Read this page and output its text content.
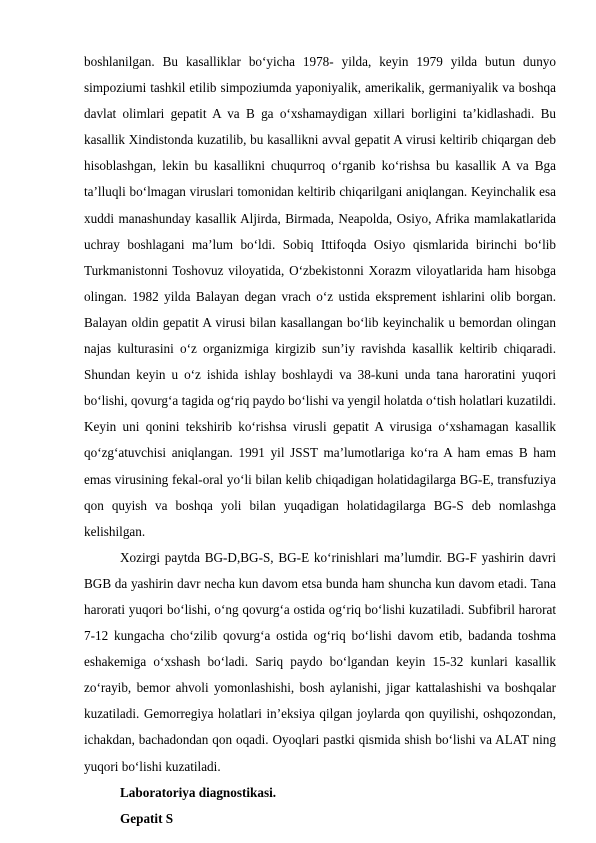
boshlanilgan. Bu kasalliklar bo‘yicha 1978- yilda, keyin 1979 yilda butun dunyo simpoziumi tashkil etilib simpoziumda yaponiyalik, amerikalik, germaniyalik va boshqa davlat olimlari gepatit A va B ga o‘xshamaydigan xillari borligini ta’kidlashadi. Bu kasallik Xindistonda kuzatilib, bu kasallikni avval gepatit A virusi keltirib chiqargan deb hisoblashgan, lekin bu kasallikni chuqurroq o‘rganib ko‘rishsa bu kasallik A va Bga ta’lluqli bo‘lmagan viruslari tomonidan keltirib chiqarilgani aniqlangan. Keyinchalik esa xuddi manashunday kasallik Aljirda, Birmada, Neapolda, Osiyo, Afrika mamlakatlarida uchray boshlagani ma’lum bo‘ldi. Sobiq Ittifoqda Osiyo qismlarida birinchi bo‘lib Turkmanistonni Toshovuz viloyatida, O‘zbekistonni Xorazm viloyatlarida ham hisobga olingan. 1982 yilda Balayan degan vrach o‘z ustida eksprement ishlarini olib borgan. Balayan oldin gepatit A virusi bilan kasallangan bo‘lib keyinchalik u bemordan olingan najas kulturasini o‘z organizmiga kirgizib sun’iy ravishda kasallik keltirib chiqaradi. Shundan keyin u o‘z ishida ishlay boshlaydi va 38-kuni unda tana haroratini yuqori bo‘lishi, qovurg‘a tagida og‘riq paydo bo‘lishi va yengil holatda o‘tish holatlari kuzatildi. Keyin uni qonini tekshirib ko‘rishsa virusli gepatit A virusiga o‘xshamagan kasallik qo‘zg‘atuvchisi aniqlangan. 1991 yil JSST ma’lumotlariga ko‘ra A ham emas B ham emas virusining fekal-oral yo‘li bilan kelib chiqadigan holatidagilarga BG-E, transfuziya qon quyish va boshqa yoli bilan yuqadigan holatidagilarga BG-S deb nomlashga kelishilgan.

Xozirgi paytda BG-D,BG-S, BG-E ko‘rinishlari ma’lumdir. BG-F yashirin davri BGB da yashirin davr necha kun davom etsa bunda ham shuncha kun davom etadi. Tana harorati yuqori bo‘lishi, o‘ng qovurg‘a ostida og‘riq bo‘lishi kuzatiladi. Subfibril harorat 7-12 kungacha cho‘zilib qovurg‘a ostida og‘riq bo‘lishi davom etib, badanda toshma eshakemiga o‘xshash bo‘ladi. Sariq paydo bo‘lgandan keyin 15-32 kunlari kasallik zo‘rayib, bemor ahvoli yomonlashishi, bosh aylanishi, jigar kattalashishi va boshqalar kuzatiladi. Gemorregiya holatlari in’eksiya qilgan joylarda qon quyilishi, oshqozondan, ichakdan, bachadondan qon oqadi. Oyoqlari pastki qismida shish bo‘lishi va ALAT ning yuqori bo‘lishi kuzatiladi.

Laboratoriya diagnostikasi.

Gepatit S
